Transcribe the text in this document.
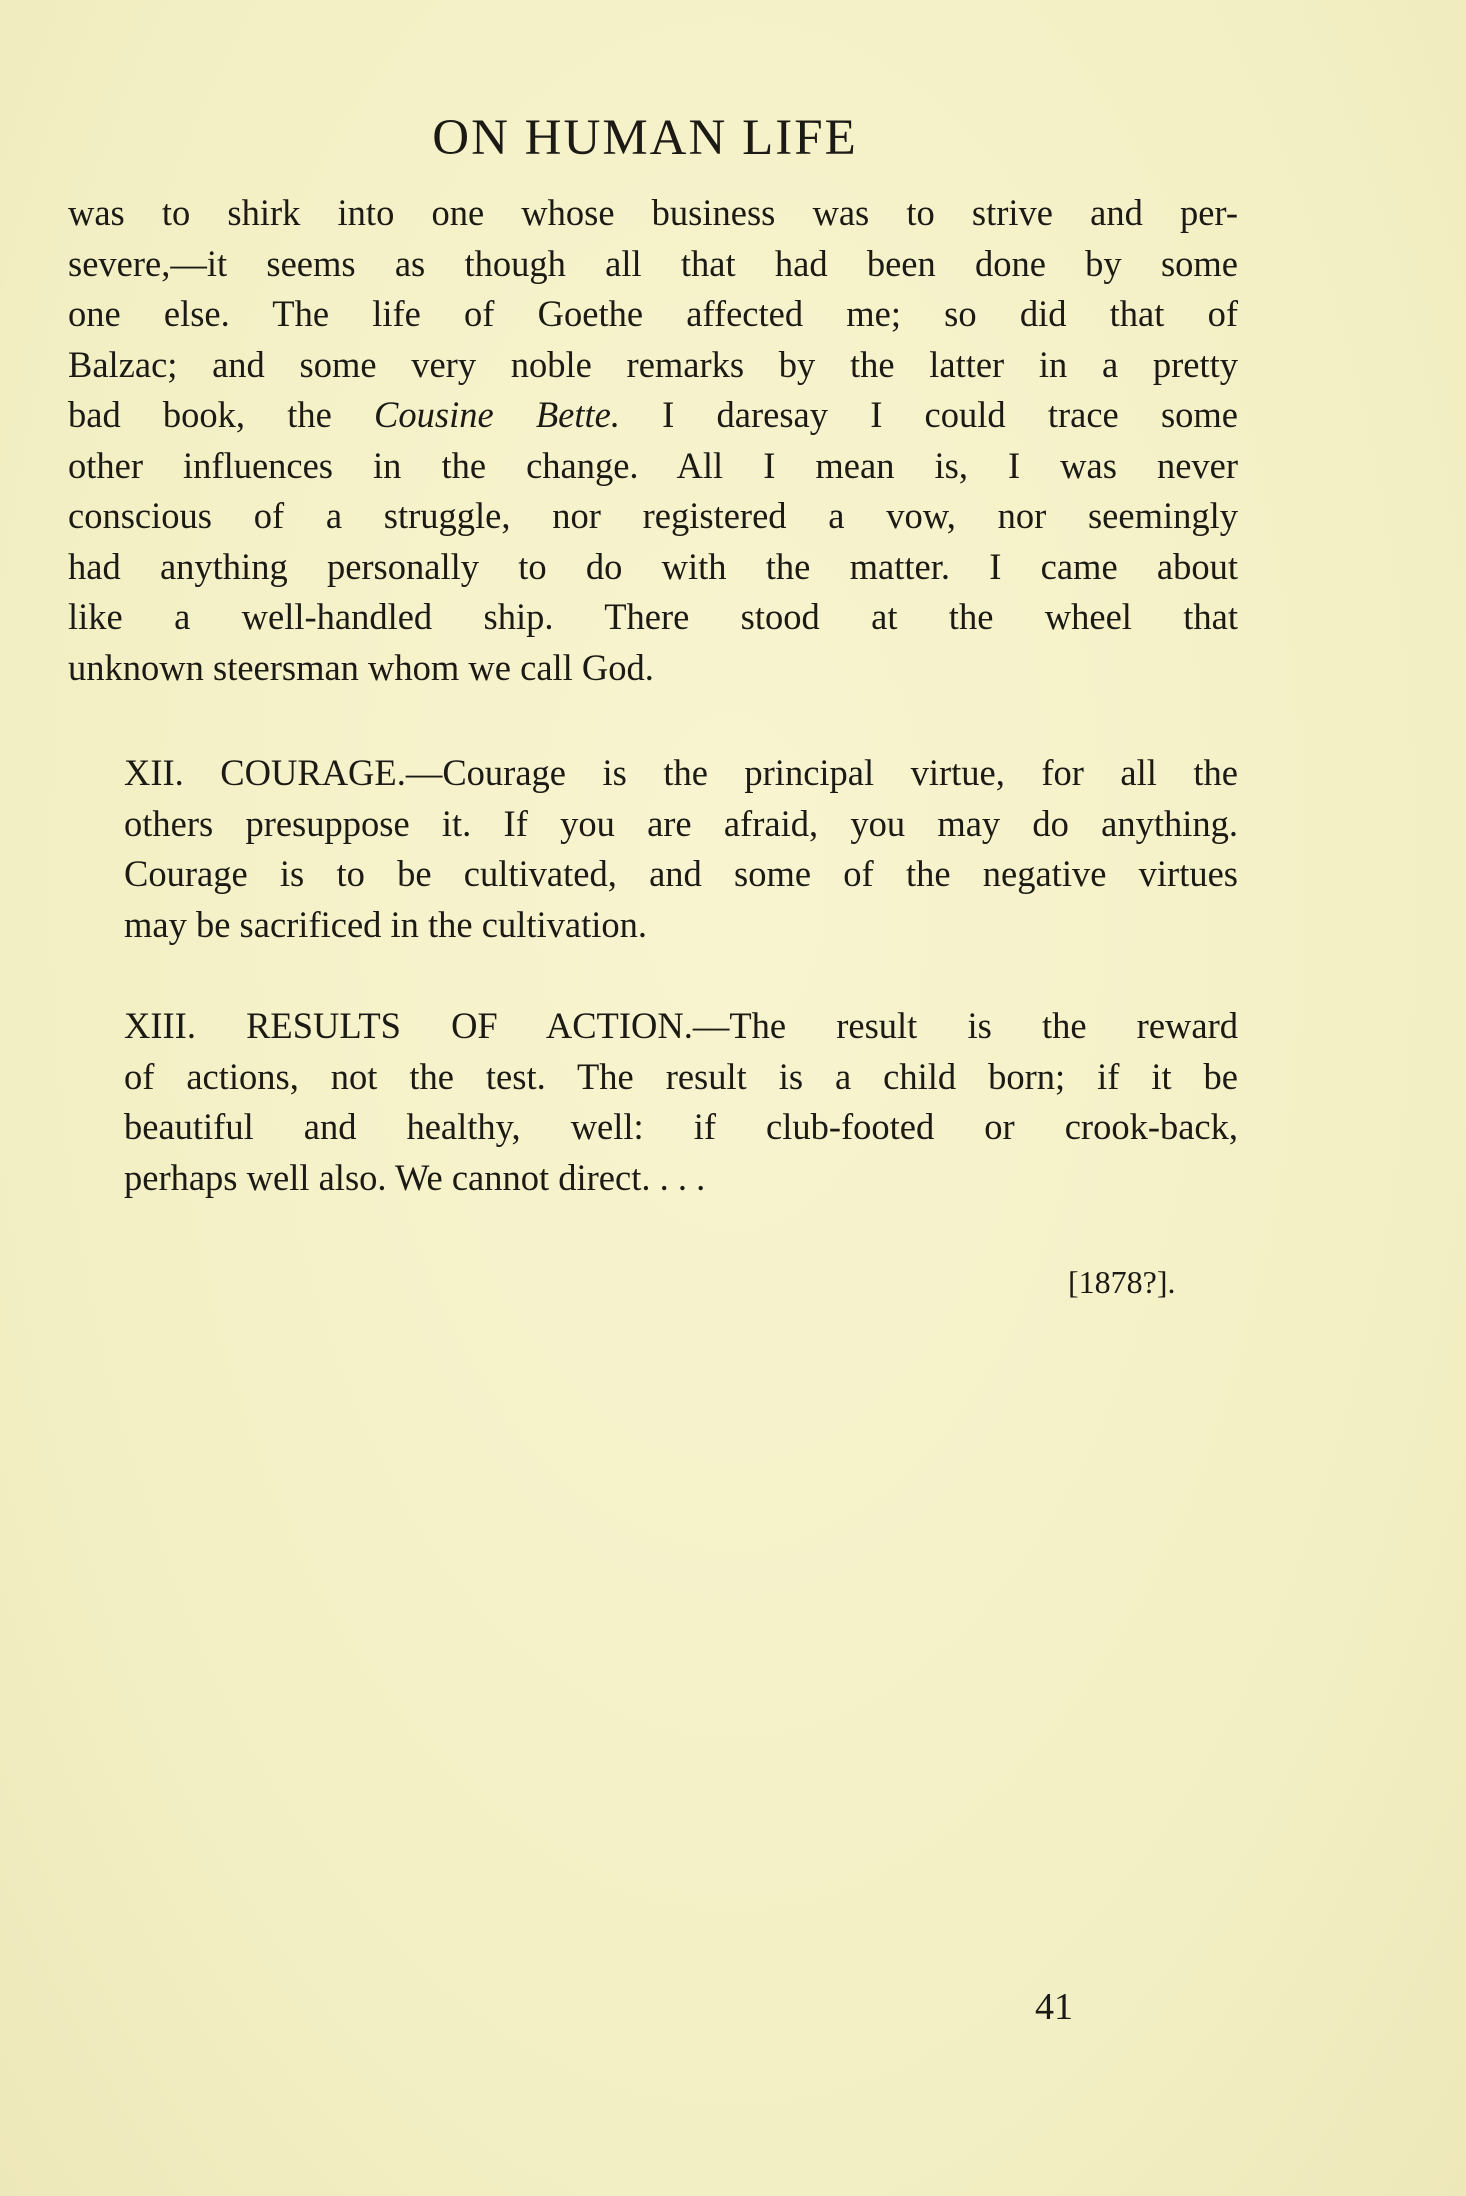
ON HUMAN LIFE
was to shirk into one whose business was to strive and per-
severe,—it seems as though all that had been done by some
one else. The life of Goethe affected me; so did that of
Balzac; and some very noble remarks by the latter in a pretty
bad book, the Cousine Bette. I daresay I could trace some
other influences in the change. All I mean is, I was never
conscious of a struggle, nor registered a vow, nor seemingly
had anything personally to do with the matter. I came about
like a well-handled ship. There stood at the wheel that
unknown steersman whom we call God.
XII. COURAGE.—Courage is the principal virtue, for all the
others presuppose it. If you are afraid, you may do anything.
Courage is to be cultivated, and some of the negative virtues
may be sacrificed in the cultivation.
XIII. RESULTS OF ACTION.—The result is the reward
of actions, not the test. The result is a child born; if it be
beautiful and healthy, well: if club-footed or crook-back,
perhaps well also. We cannot direct. . . .
[1878?].
41
